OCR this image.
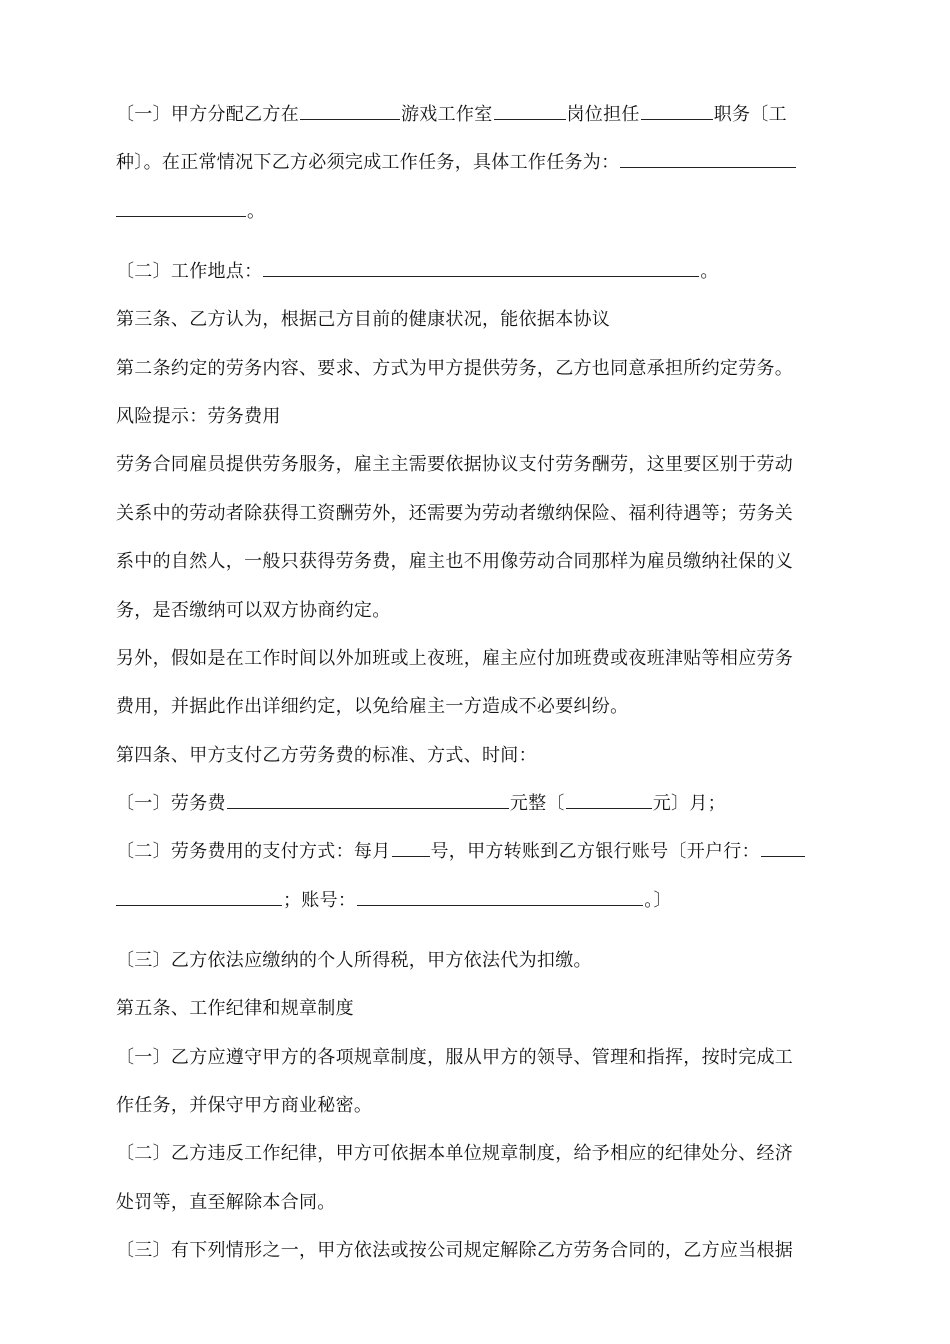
〔一〕甲方分配乙方在	游戏工作室	岗位担任	职务〔工
种〕。在正常情况下乙方必须完成工作任务，具体工作任务为：
。
〔二〕工作地点：	。
第三条、乙方认为，根据己方目前的健康状况，能依据本协议
第二条约定的劳务内容、要求、方式为甲方提供劳务，乙方也同意承担所约定劳务。
风险提示：劳务费用
劳务合同雇员提供劳务服务，雇主主需要依据协议支付劳务酬劳，这里要区别于劳动
关系中的劳动者除获得工资酬劳外，还需要为劳动者缴纳保险、福利待遇等；劳务关
系中的自然人，一般只获得劳务费，雇主也不用像劳动合同那样为雇员缴纳社保的义
务，是否缴纳可以双方协商约定。
另外，假如是在工作时间以外加班或上夜班，雇主应付加班费或夜班津贴等相应劳务
费用，并据此作出详细约定，以免给雇主一方造成不必要纠纷。
第四条、甲方支付乙方劳务费的标准、方式、时间：
〔一〕劳务费	元整〔	元〕月；
〔二〕劳务费用的支付方式：每月 号，甲方转账到乙方银行账号〔开户行：
；账号：	。〕
〔三〕乙方依法应缴纳的个人所得税，甲方依法代为扣缴。
第五条、工作纪律和规章制度
〔一〕乙方应遵守甲方的各项规章制度，服从甲方的领导、管理和指挥，按时完成工
作任务，并保守甲方商业秘密。
〔二〕乙方违反工作纪律，甲方可依据本单位规章制度，给予相应的纪律处分、经济
处罚等，直至解除本合同。
〔三〕有下列情形之一，甲方依法或按公司规定解除乙方劳务合同的，乙方应当根据
